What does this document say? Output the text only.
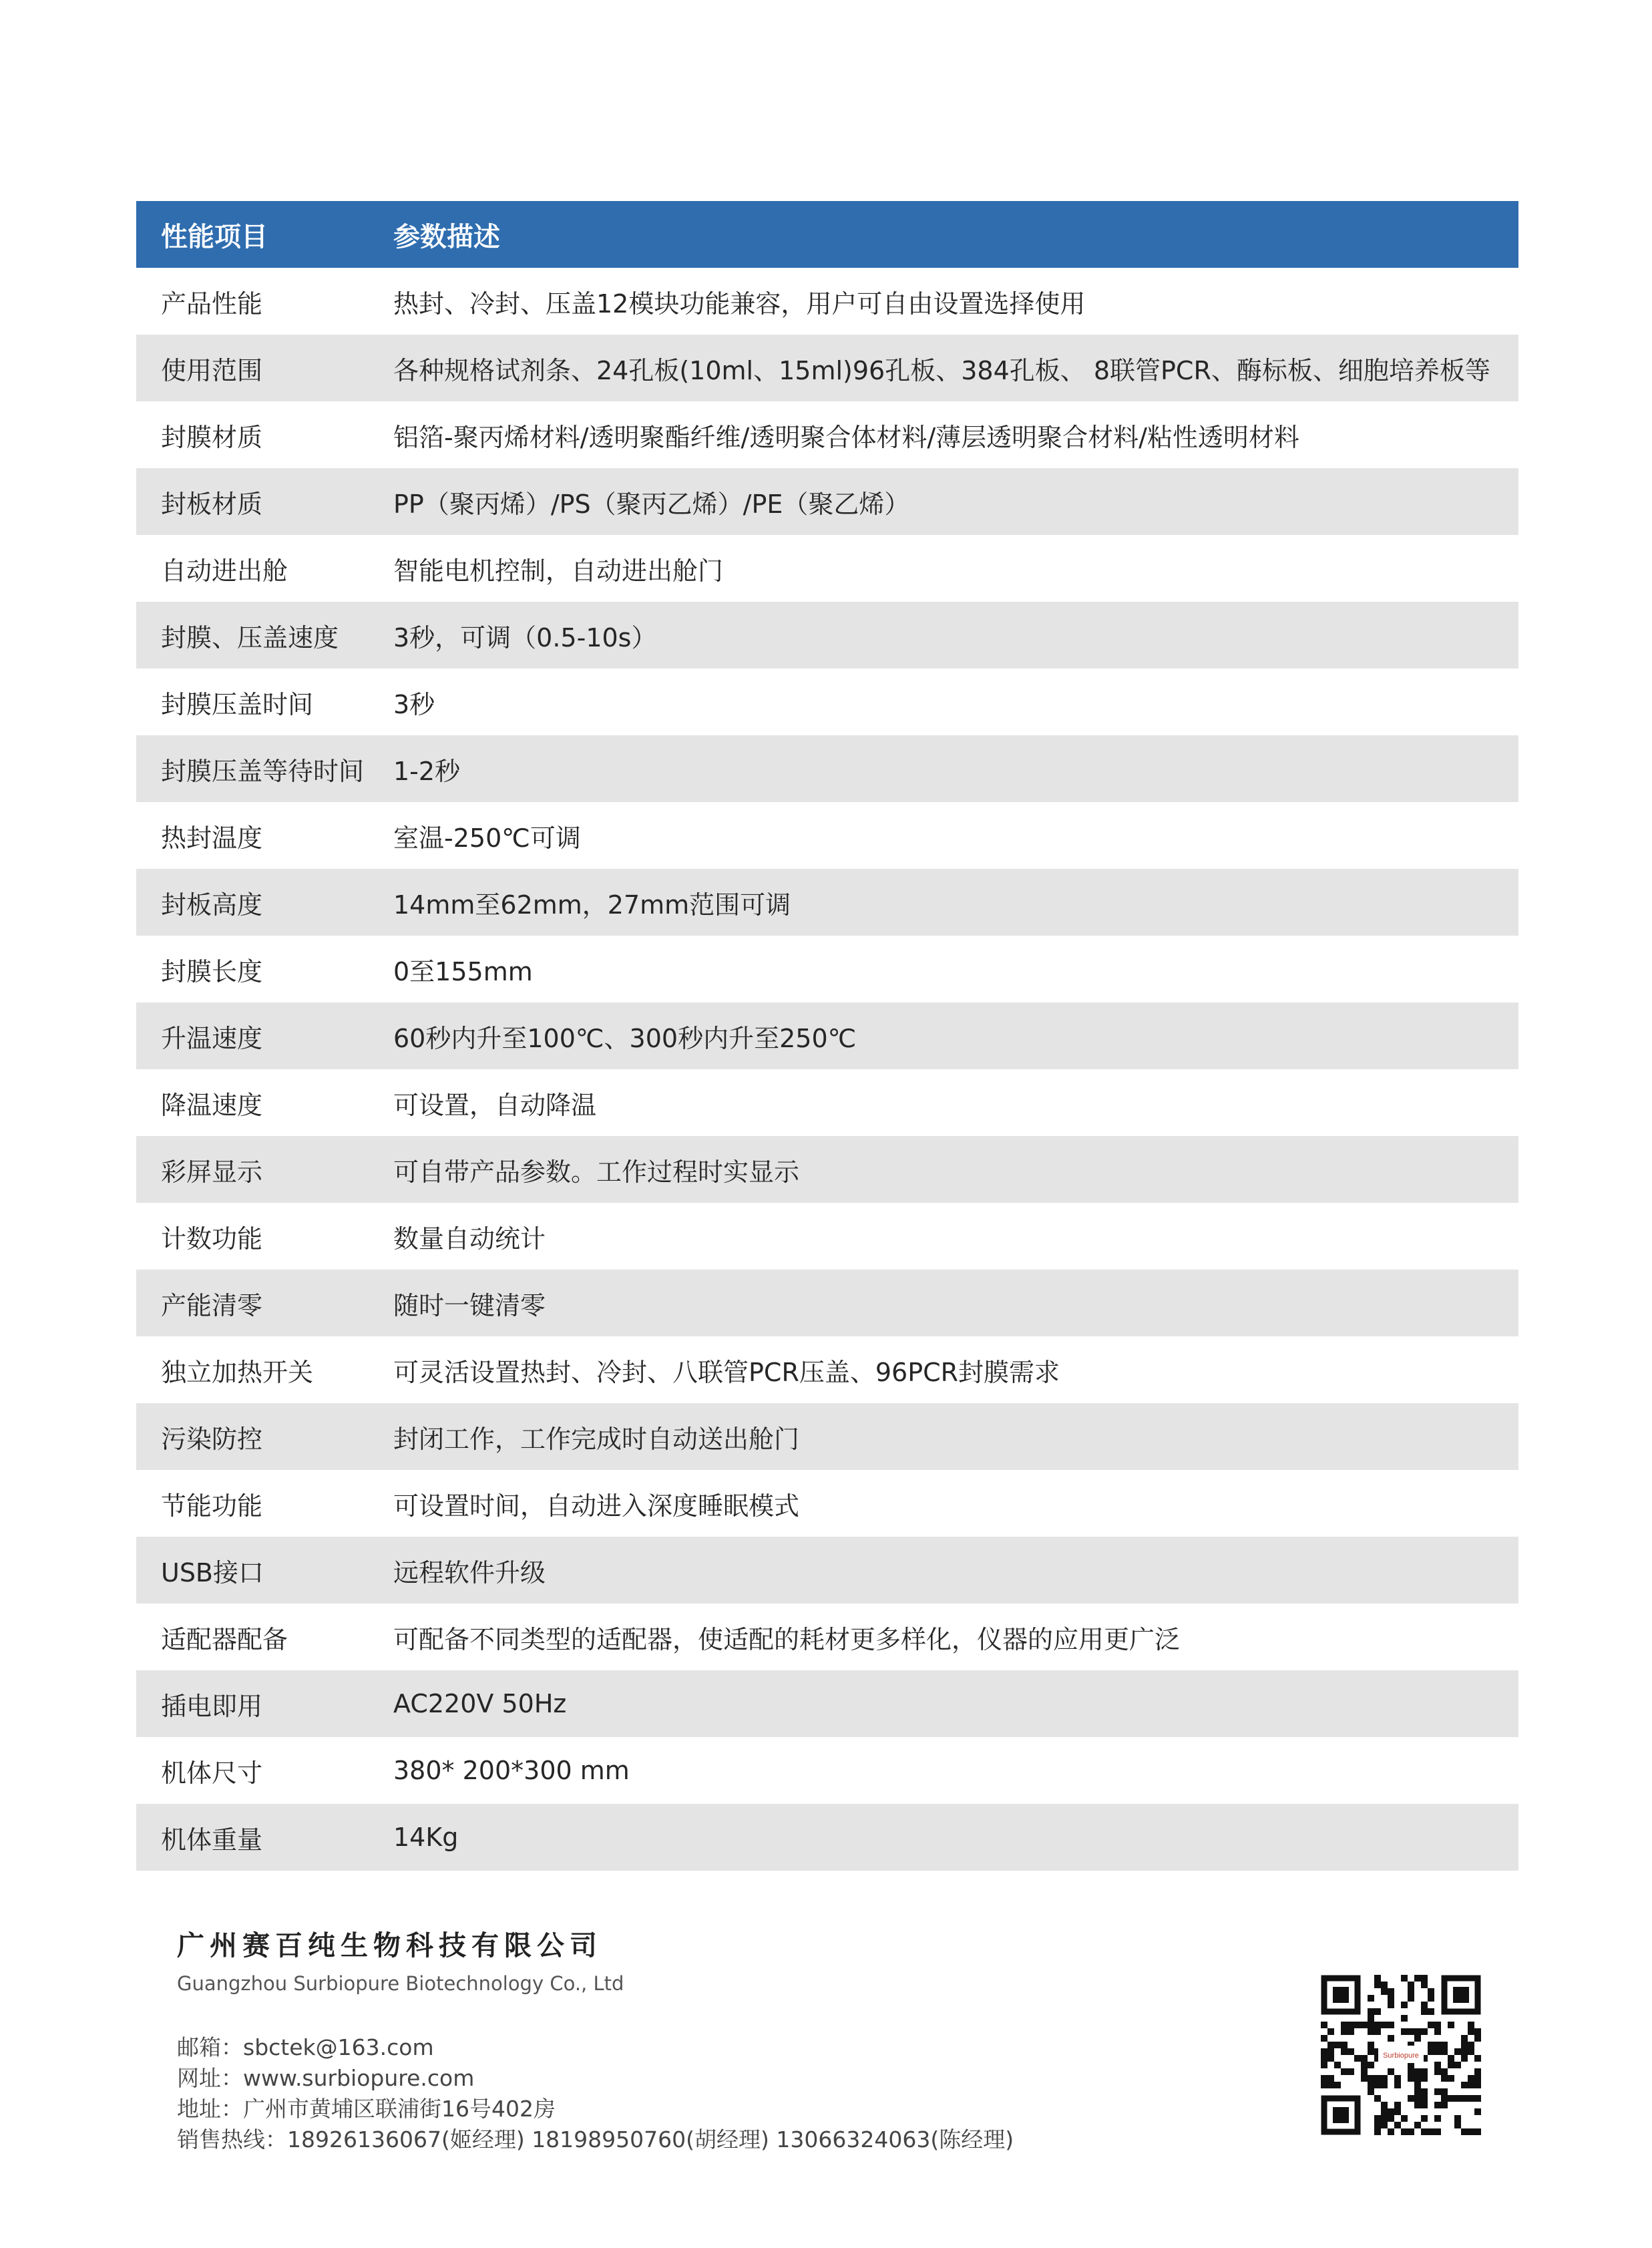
性能项目	参数描述
产品性能	热封、冷封、压盖12模块功能兼容，用户可自由设置选择使用
使用范围	各种规格试剂条、24孔板(10ml、15ml)96孔板、384孔板、 8联管PCR、酶标板、细胞培养板等
封膜材质	铝箔-聚丙烯材料/透明聚酯纤维/透明聚合体材料/薄层透明聚合材料/粘性透明材料
封板材质	PP（聚丙烯）/PS（聚丙乙烯）/PE（聚乙烯）
自动进出舱	智能电机控制，自动进出舱门
封膜、压盖速度	3秒，可调（0.5-10s）
封膜压盖时间	3秒
封膜压盖等待时间	1-2秒
热封温度	室温-250℃可调
封板高度	14mm至62mm，27mm范围可调
封膜长度	0至155mm
升温速度	60秒内升至100℃、300秒内升至250℃
降温速度	可设置，自动降温
彩屏显示	可自带产品参数。工作过程时实显示
计数功能	数量自动统计
产能清零	随时一键清零
独立加热开关	可灵活设置热封、冷封、八联管PCR压盖、96PCR封膜需求
污染防控	封闭工作，工作完成时自动送出舱门
节能功能	可设置时间，自动进入深度睡眠模式
USB接口	远程软件升级
适配器配备	可配备不同类型的适配器，使适配的耗材更多样化，仪器的应用更广泛
插电即用	AC220V 50Hz
机体尺寸	380* 200*300 mm
机体重量	14Kg
广州赛百纯生物科技有限公司
Guangzhou Surbiopure Biotechnology Co., Ltd
邮箱：sbctek@163.com
网址：www.surbiopure.com
地址：广州市黄埔区联浦街16号402房
销售热线：18926136067(姬经理) 18198950760(胡经理) 13066324063(陈经理)
Surbiopure
